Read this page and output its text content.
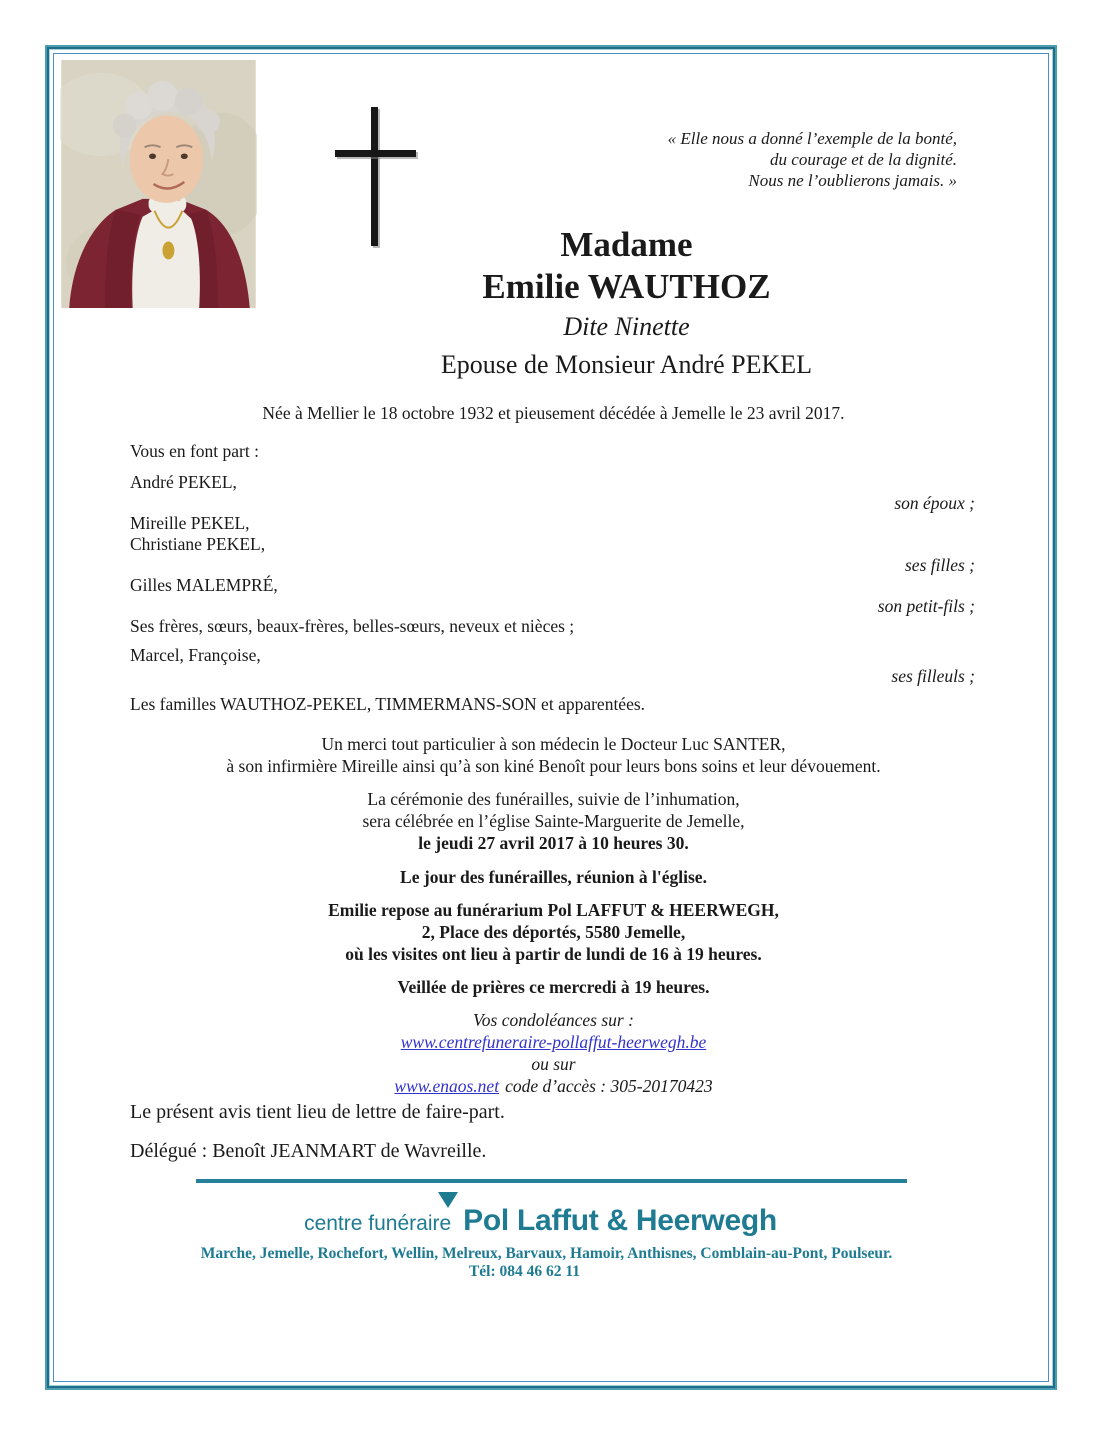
« Elle nous a donné l’exemple de la bonté,
du courage et de la dignité.
Nous ne l’oublierons jamais. »
Madame
Emilie WAUTHOZ
Dite Ninette
Epouse de Monsieur André PEKEL
Née à Mellier le 18 octobre 1932 et pieusement décédée à Jemelle le 23 avril 2017.
Vous en font part :
André PEKEL,
son époux ;
Mireille PEKEL,
Christiane PEKEL,
ses filles ;
Gilles MALEMPRÉ,
son petit-fils ;
Ses frères, sœurs, beaux-frères, belles-sœurs, neveux et nièces ;
Marcel, Françoise,
ses filleuls ;
Les familles WAUTHOZ-PEKEL, TIMMERMANS-SON et apparentées.
Un merci tout particulier à son médecin le Docteur Luc SANTER,
à son infirmière Mireille ainsi qu’à son kiné Benoît pour leurs bons soins et leur dévouement.
La cérémonie des funérailles, suivie de l’inhumation,
sera célébrée en l’église Sainte-Marguerite de Jemelle,
le jeudi 27 avril 2017 à 10 heures 30.
Le jour des funérailles, réunion à l'église.
Emilie repose au funérarium Pol LAFFUT & HEERWEGH,
2, Place des déportés, 5580 Jemelle,
où les visites ont lieu à partir de lundi de 16 à 19 heures.
Veillée de prières ce mercredi à 19 heures.
Vos condoléances sur :
www.centrefuneraire-pollaffut-heerwegh.be
ou sur
www.enaos.net code d’accès : 305-20170423
Le présent avis tient lieu de lettre de faire-part.
Délégué : Benoît JEANMART de Wavreille.
centre funéraire Pol Laffut & Heerwegh
Marche, Jemelle, Rochefort, Wellin, Melreux, Barvaux, Hamoir, Anthisnes, Comblain-au-Pont, Poulseur.
Tél: 084 46 62 11
